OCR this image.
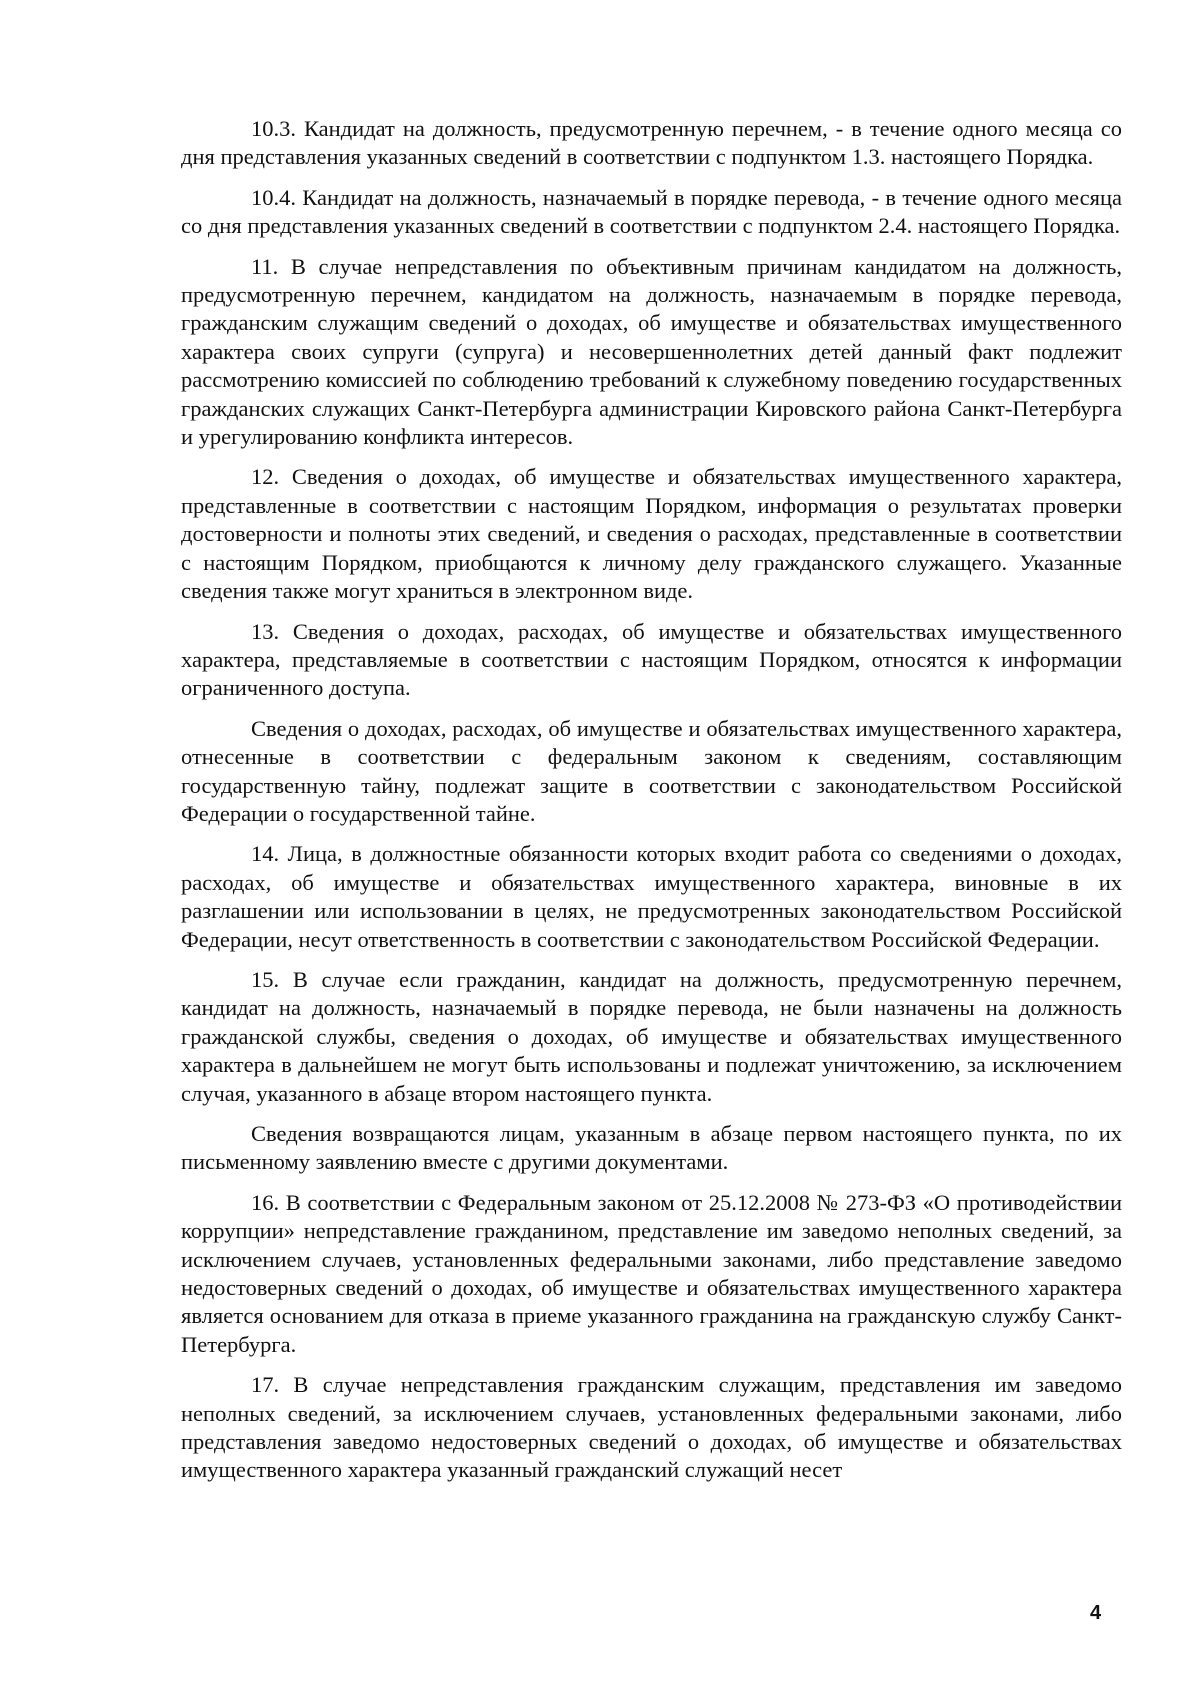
10.3. Кандидат на должность, предусмотренную перечнем, - в течение одного месяца со дня представления указанных сведений в соответствии с подпунктом 1.3. настоящего Порядка.

10.4. Кандидат на должность, назначаемый в порядке перевода, - в течение одного месяца со дня представления указанных сведений в соответствии с подпунктом 2.4. настоящего Порядка.

11. В случае непредставления по объективным причинам кандидатом на должность, предусмотренную перечнем, кандидатом на должность, назначаемым в порядке перевода, гражданским служащим сведений о доходах, об имуществе и обязательствах имущественного характера своих супруги (супруга) и несовершеннолетних детей данный факт подлежит рассмотрению комиссией по соблюдению требований к служебному поведению государственных гражданских служащих Санкт-Петербурга администрации Кировского района Санкт-Петербурга и урегулированию конфликта интересов.

12. Сведения о доходах, об имуществе и обязательствах имущественного характера, представленные в соответствии с настоящим Порядком, информация о результатах проверки достоверности и полноты этих сведений, и сведения о расходах, представленные в соответствии с настоящим Порядком, приобщаются к личному делу гражданского служащего. Указанные сведения также могут храниться в электронном виде.

13. Сведения о доходах, расходах, об имуществе и обязательствах имущественного характера, представляемые в соответствии с настоящим Порядком, относятся к информации ограниченного доступа.

Сведения о доходах, расходах, об имуществе и обязательствах имущественного характера, отнесенные в соответствии с федеральным законом к сведениям, составляющим государственную тайну, подлежат защите в соответствии с законодательством Российской Федерации о государственной тайне.

14. Лица, в должностные обязанности которых входит работа со сведениями о доходах, расходах, об имуществе и обязательствах имущественного характера, виновные в их разглашении или использовании в целях, не предусмотренных законодательством Российской Федерации, несут ответственность в соответствии с законодательством Российской Федерации.

15. В случае если гражданин, кандидат на должность, предусмотренную перечнем, кандидат на должность, назначаемый в порядке перевода, не были назначены на должность гражданской службы, сведения о доходах, об имуществе и обязательствах имущественного характера в дальнейшем не могут быть использованы и подлежат уничтожению, за исключением случая, указанного в абзаце втором настоящего пункта.

Сведения возвращаются лицам, указанным в абзаце первом настоящего пункта, по их письменному заявлению вместе с другими документами.

16. В соответствии с Федеральным законом от 25.12.2008 № 273-ФЗ «О противодействии коррупции» непредставление гражданином, представление им заведомо неполных сведений, за исключением случаев, установленных федеральными законами, либо представление заведомо недостоверных сведений о доходах, об имуществе и обязательствах имущественного характера является основанием для отказа в приеме указанного гражданина на гражданскую службу Санкт-Петербурга.

17. В случае непредставления гражданским служащим, представления им заведомо неполных сведений, за исключением случаев, установленных федеральными законами, либо представления заведомо недостоверных сведений о доходах, об имуществе и обязательствах имущественного характера указанный гражданский служащий несет

4
